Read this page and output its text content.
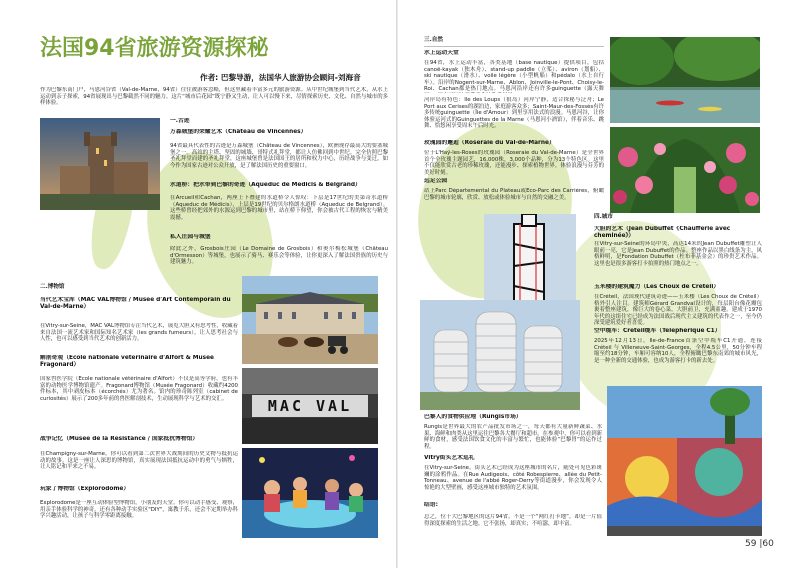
法国94省旅游资源探秘

作者: 巴黎导游，法国华人旅游协会顾问-刘海音

作为巴黎东南门户，马恩河谷省（Val-de-Marne，94省）往往被游客忽略，但这里藏着丰富多元的旅游资源。从中世纪城堡到当代艺术，从水上运动到亲子探索，94省展现出与巴黎截然不同的魅力。这片“城市后花园”既宁静又生动，让人可以慢下来，尽情探索历史、文化、自然与城市的多样体验。

一.古迹

万森城堡的荣耀艺术（Château de Vincennes）

94省最具代表性的古迹是万森城堡（Château de Vincennes），欧洲现存最高大的要塞城堡之一。高耸的主塔、坚固的城墙、哥特式礼拜堂，都让人仿佛回到中世纪。完全仿照巴黎圣礼拜堂而建的圣礼拜堂，这座城堡曾是法国国王的居所和权力中心，历经战争与变迁，如今作为国家古迹对公众开放，是了解法国历史的重要窗口。

水道桥：把水带到巴黎的奇迹（Aqueduc de Médicis & Belgrand）

在Arcueil和Cachan，两座上下叠建的水道桥令人惊叹：下层是17世纪的美第奇水道桥（Aqueduc de Médicis），上层是19世纪的贝尔格朗水道桥（Aqueduc de Belgrand）。这些桥曾经把郊外的水源运到巴黎的城市里，站在桥下仰望，你会被古代工程的恢宏与精美震撼。

私人庄园与城堡

除此之外，Grosbois庄园（Le Domaine de Grosbois）和奥尔梅松城堡（Château d'Ormesson）等城堡，也展示了骑马、赛乐会等体验，让你更深入了解法国贵族的历史与建筑魅力。

二.博物馆

当代艺术宝库（MAC VAL博物馆 / Musée d'Art Contemporain du Val-de-Marne）

在Vitry-sur-Seine，MAC VAL博物馆专注当代艺术，展览大胆又有思考性，收藏着来自法国一流艺术家和国际知名艺术家（les grands fumeurs），让人思考社会与人性，也可以感受到当代艺术的创新活力。

解剖奇观（École nationale vétérinaire d'Alfort & Musée Fragonard）

国家兽医学院（École nationale vétérinaire d'Alfort）不仅是高等学府，也有丰富的动物医学博物馆遗产。Fragonard博物馆（Musée Fragonard）收藏约4200件标本，其中剥皮标本（écorchés）尤为著名。馆内的珍奇陈列室（cabinet de curiosités）展示了200多年前的兽医解剖技术，生动展现科学与艺术的交汇。

战争记忆（Musée de la Résistance / 国家抵抗博物馆）

在Champigny-sur-Marne，你可以看到第二次世界大战期间的历史文物与抵抗运动的故事。这是一座让人深思的博物馆，真实展现法国抵抗运动中的勇气与牺牲，让人铭记和平来之不易。

玩家了博物馆（Explorodome）

Explorodome是一座互动体验型博物馆，小朋友的天堂。你可以动手感受、观察，用亲手体验科学的神奇。还有各种动手实验区"DIY"，寓教于乐，还会不定期举办科学兴趣活动，让孩子与科学零距离接触。

MAC VAL

三.自然

水上运动天堂

在94省，水上运动丰富，各类基地（base nautique）提供项目，包括canoë-kayak（独木舟）、stand-up paddle（立桨）、aviron（划船）、ski nautique（滑水）、voile légère（小型帆船）和pédalo（水上自行车）。沿岸的Nogent-sur-Marne、Ablon、Joinville-le-Pont、Choisy-le-Roi、Cachan都是热门地点。马恩河沿岸还有许多guinguette（露天舞

河岸岛有特色：Île des Loups（狼岛）河岸宁静，适合探秘与泛舟；Le Port aux Cerises的湖泊边，家庭游客众多；Saint-Maur-des-Fossés有许多传统guinguette（Île d'Amour）到里享用法式的浪漫。马恩河谷，让你体验运河式的Guinguettes de la Marne（马恩河小酒馆），伴着音乐、跳舞、恰悠闲享受周末午后时光。

玫瑰园的邂逅（Roseraie du Val-de-Marne）

位于L'Haÿ-les-Roses的玫瑰园（Roseraie du Val-de-Marne）是全世界首个全玫瑰主题园艺，16,000株，3,000个品种，分为13个特色区。这里不仅能欣赏古老的珍稀玫瑰，还能漫步、探索植物世界，体验浪漫与芬芳的美好时刻。

远足公园

站上Parc Départemental du Plateau或Éco-Parc des Carrières，俯瞰巴黎的城市轮廓，欣赏、放松或体验城市与自然的交融之美。

四.城市

大胆的艺术（Jean Dubuffet《Chaufferie avec cheminée》）

在Vitry-sur-Seine的环岛中央，高达14米的Jean Dubuffet雕塑让人眼前一亮，它是Jean Dubuffet的作品。整座作品以黑白线条为主，风格鲜明，是Fondation Dubuffet（杜布菲基金会）的珍贵艺术作品。这里也是很多游客打卡拍照的热门地点之一。

玉米楼的建筑魔力（Les Choux de Créteil）

在Créteil，法国现代建筑奇迹——玉米楼（Les Choux de Créteil）格外引人注目。建筑师Gérard Grandval设计的，每层阳台像花瓣包裹着整座建筑，像巨大的卷心菜，大胆前卫，充满童趣。建成于1970年代的这组住宅已经成为法国战后现代主义建筑的代表作之一，至今仍深受建筑爱好者喜爱。

空中缆车：Créteil缆车（Téléphérique C1）

2025年12月13日，Île-de-France首条空中缆车C1开通，连接Créteil 与 Villeneuve-Saint-Georges，全程4.5公里，50分钟车程缩至约18分钟，车厢可容纳10人，全程俯瞰巴黎东南郊的城市风光，是一种全新的交通体验，也成为游客打卡的新去处。

巴黎人的食物供应地（Rungis市场）

Rungis是世界最大的农产品批发市场之一，每天都有大量新鲜蔬菜、水果、海鲜和肉类从这里运往巴黎各大餐厅和超市。在参观中，你可以看到新鲜的食材，感受法国饮食文化的丰富与繁忙，也能体验“巴黎胃”的运作过程。

Vitry街头艺术巡礼

在Vitry-sur-Seine，街头艺术已经成为这座城市的名片，随处可见色彩斑斓的涂鸦作品。在Rue Audigeois、côté Robespierre、allée du Petit-Tonneau、avenue de l'abbé Roger-Derry等街道漫步，你会发现令人惊艳的大型壁画，感受这座城市独特的艺术氛围。

结语:

总之，位于大巴黎地区的这片94省，不是一个“网红打卡地”，却是一片值得深度探索的生活之地。它不张扬，却真实；不喧嚣，却丰富。

59 |60
